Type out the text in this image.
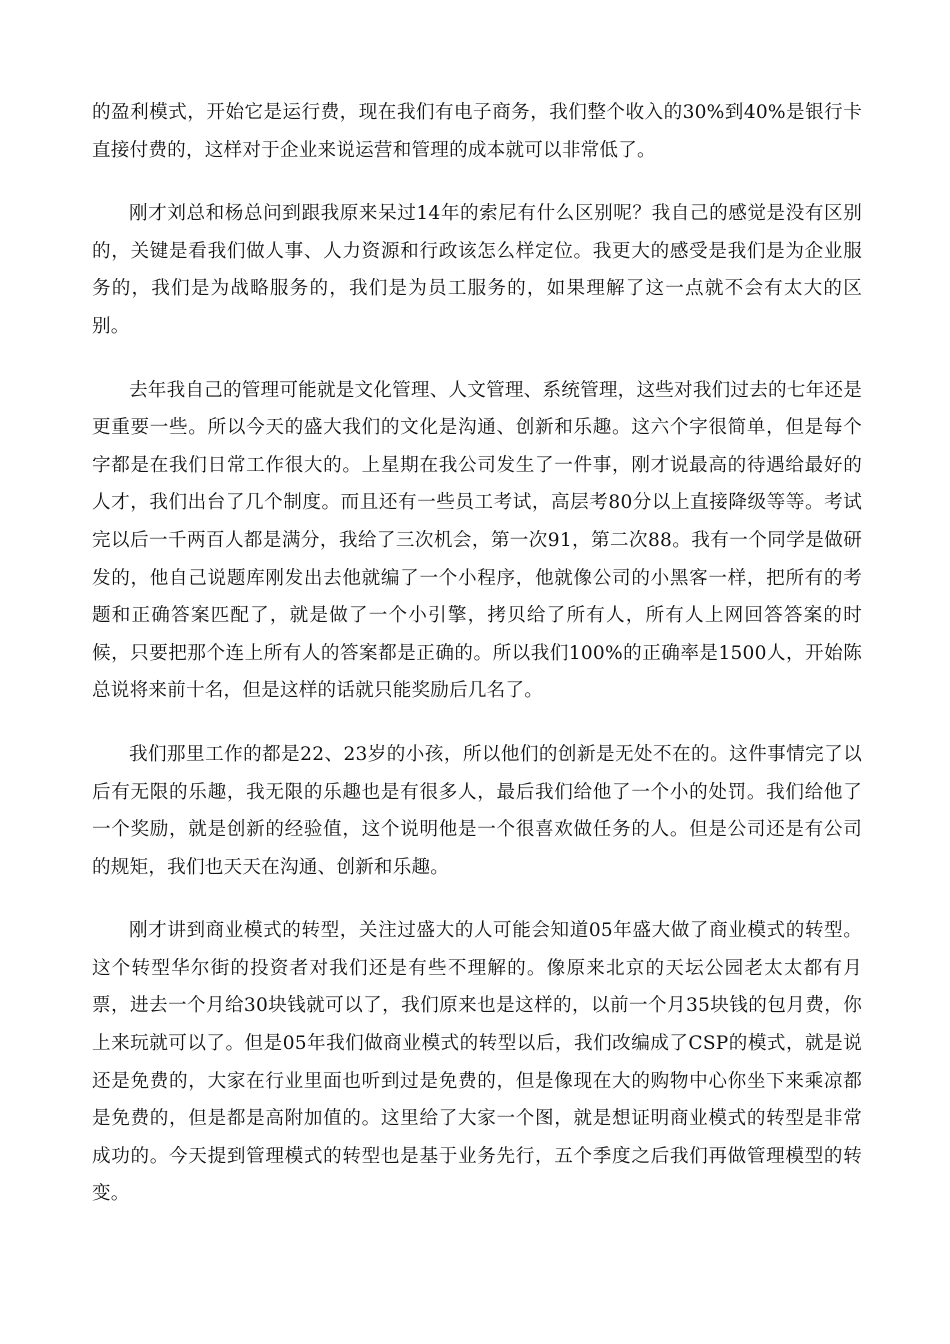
的盈利模式，开始它是运行费，现在我们有电子商务，我们整个收入的30%到40%是银行卡直接付费的，这样对于企业来说运营和管理的成本就可以非常低了。

刚才刘总和杨总问到跟我原来呆过14年的索尼有什么区别呢？我自己的感觉是没有区别的，关键是看我们做人事、人力资源和行政该怎么样定位。我更大的感受是我们是为企业服务的，我们是为战略服务的，我们是为员工服务的，如果理解了这一点就不会有太大的区别。

去年我自己的管理可能就是文化管理、人文管理、系统管理，这些对我们过去的七年还是更重要一些。所以今天的盛大我们的文化是沟通、创新和乐趣。这六个字很简单，但是每个字都是在我们日常工作很大的。上星期在我公司发生了一件事，刚才说最高的待遇给最好的人才，我们出台了几个制度。而且还有一些员工考试，高层考80分以上直接降级等等。考试完以后一千两百人都是满分，我给了三次机会，第一次91，第二次88。我有一个同学是做研发的，他自己说题库刚发出去他就编了一个小程序，他就像公司的小黑客一样，把所有的考题和正确答案匹配了，就是做了一个小引擎，拷贝给了所有人，所有人上网回答答案的时候，只要把那个连上所有人的答案都是正确的。所以我们100%的正确率是1500人，开始陈总说将来前十名，但是这样的话就只能奖励后几名了。

我们那里工作的都是22、23岁的小孩，所以他们的创新是无处不在的。这件事情完了以后有无限的乐趣，我无限的乐趣也是有很多人，最后我们给他了一个小的处罚。我们给他了一个奖励，就是创新的经验值，这个说明他是一个很喜欢做任务的人。但是公司还是有公司的规矩，我们也天天在沟通、创新和乐趣。

刚才讲到商业模式的转型，关注过盛大的人可能会知道05年盛大做了商业模式的转型。这个转型华尔街的投资者对我们还是有些不理解的。像原来北京的天坛公园老太太都有月票，进去一个月给30块钱就可以了，我们原来也是这样的，以前一个月35块钱的包月费，你上来玩就可以了。但是05年我们做商业模式的转型以后，我们改编成了CSP的模式，就是说还是免费的，大家在行业里面也听到过是免费的，但是像现在大的购物中心你坐下来乘凉都是免费的，但是都是高附加值的。这里给了大家一个图，就是想证明商业模式的转型是非常成功的。今天提到管理模式的转型也是基于业务先行，五个季度之后我们再做管理模型的转变。
